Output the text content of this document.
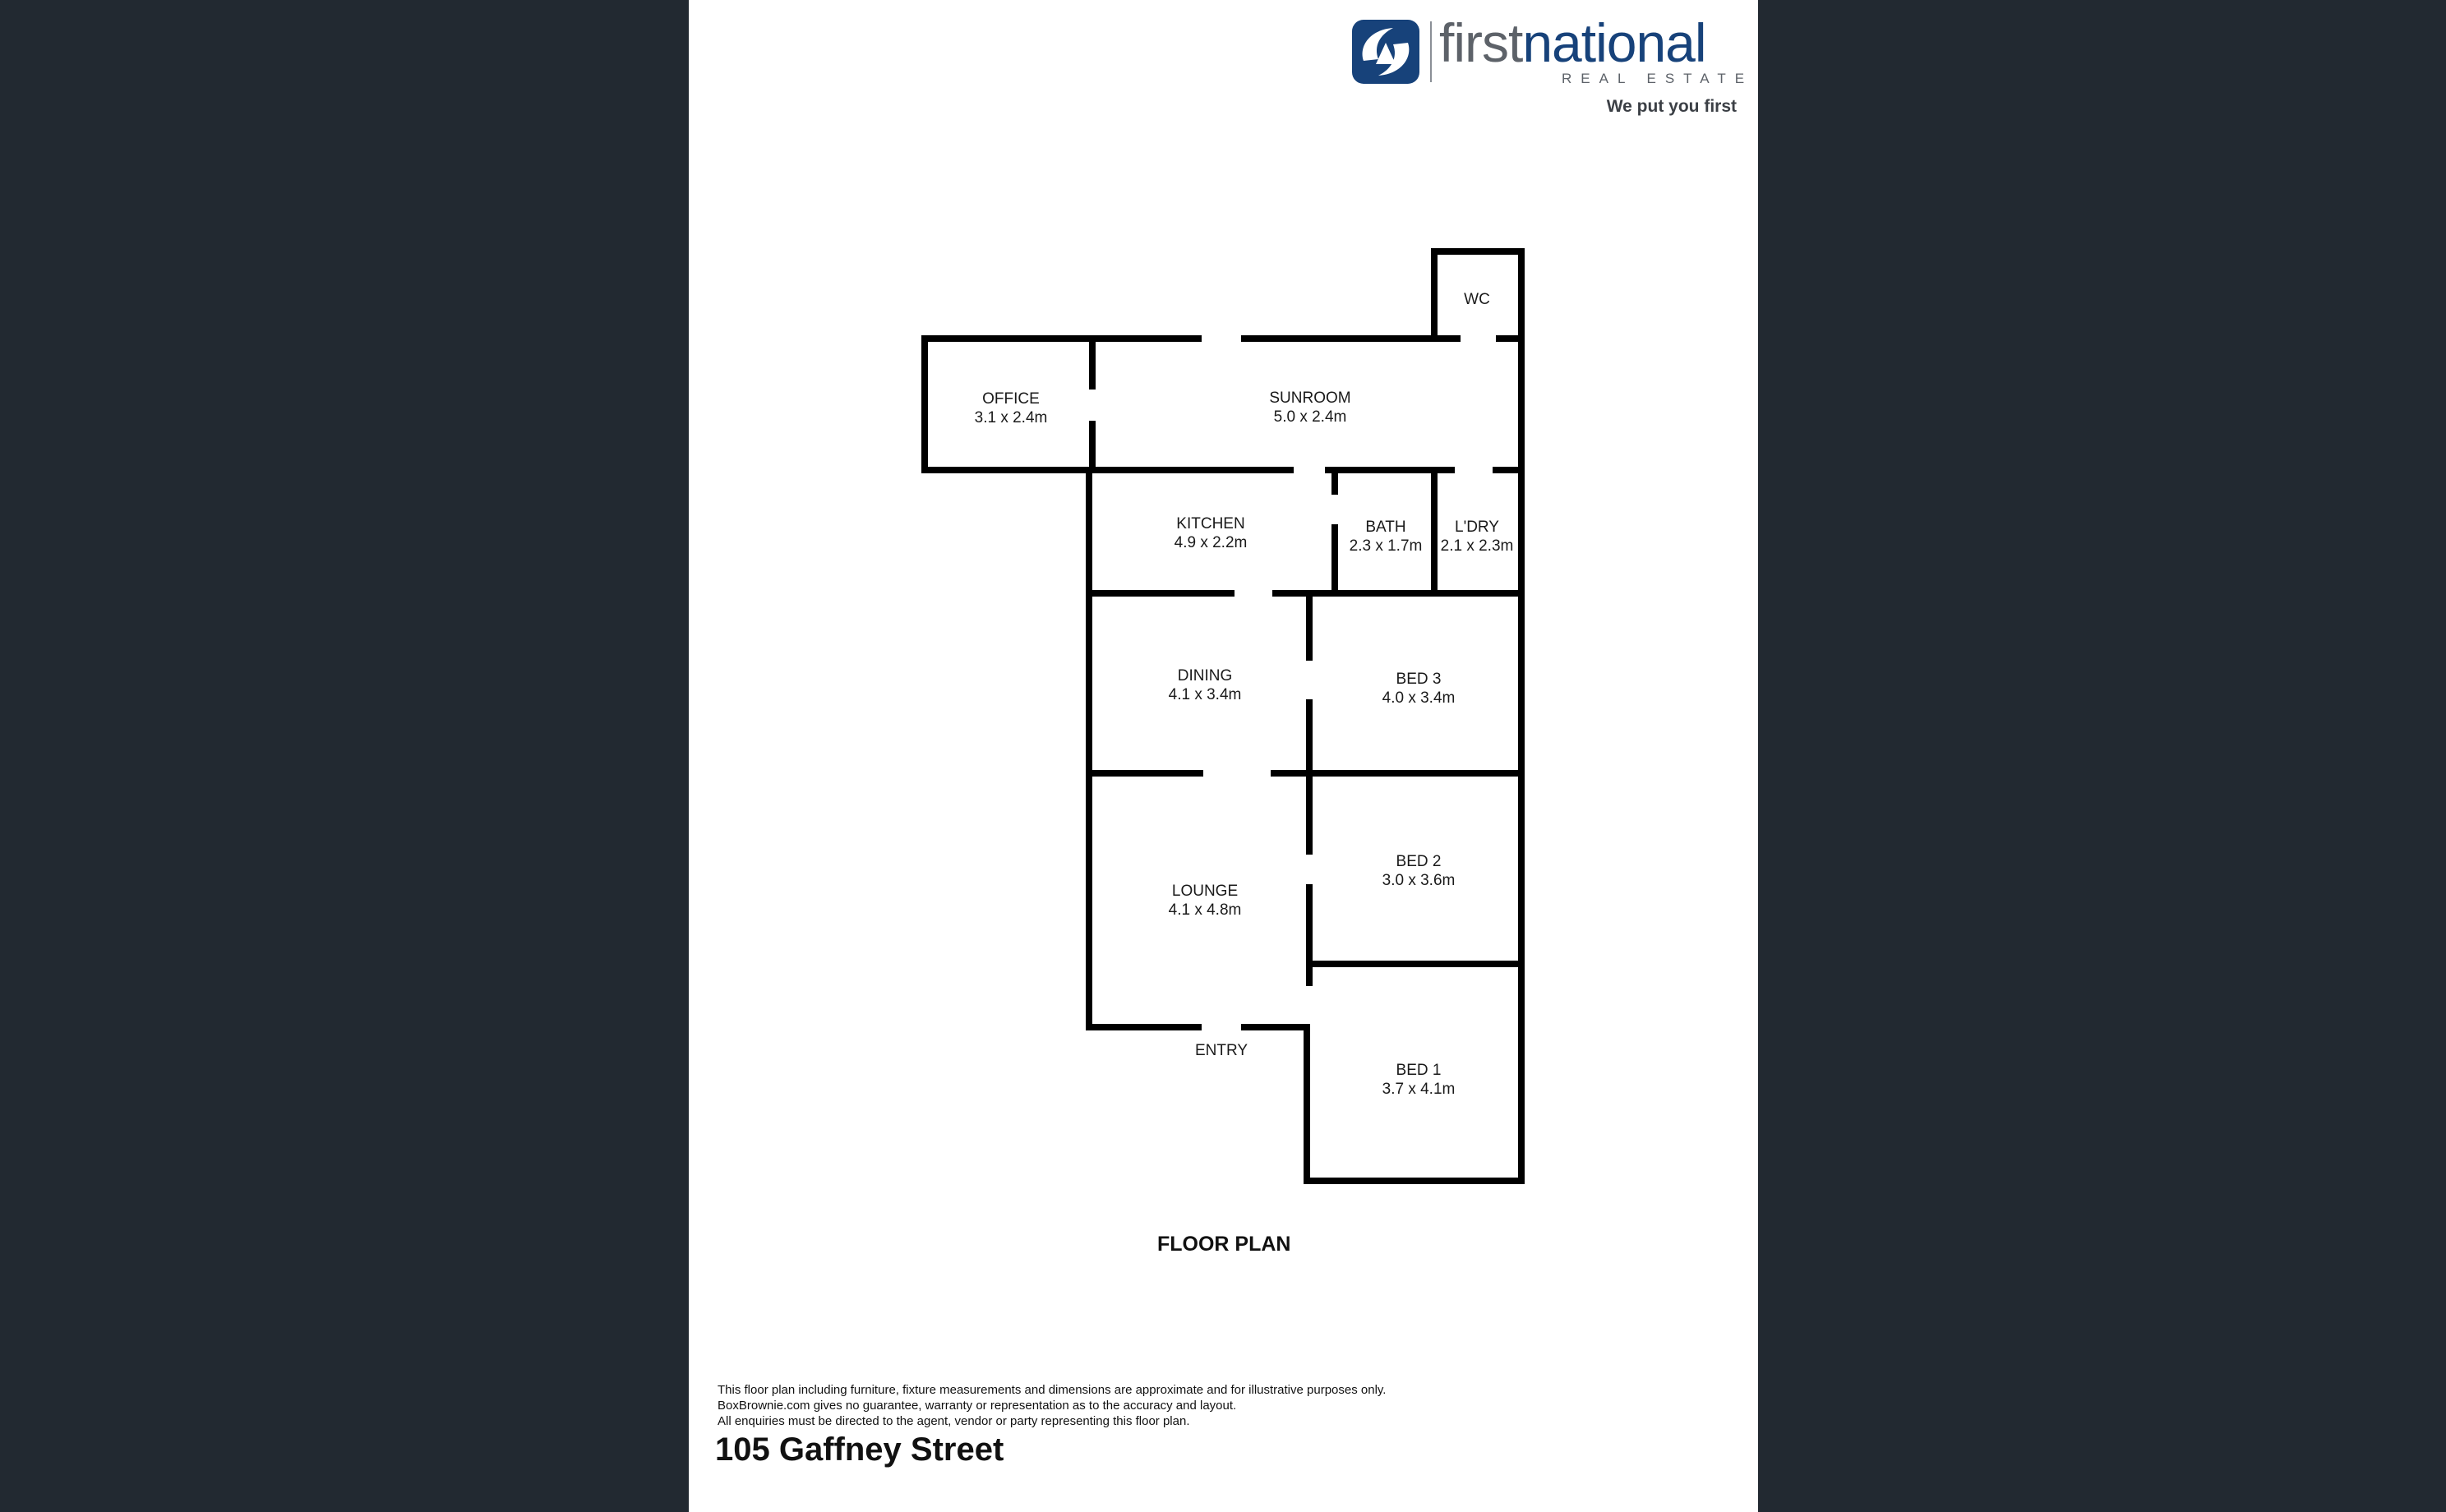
firstnational
REAL ESTATE
We put you first
WC
OFFICE
3.1 x 2.4m
SUNROOM
5.0 x 2.4m
KITCHEN
4.9 x 2.2m
BATH
2.3 x 1.7m
L'DRY
2.1 x 2.3m
DINING
4.1 x 3.4m
BED 3
4.0 x 3.4m
BED 2
3.0 x 3.6m
LOUNGE
4.1 x 4.8m
ENTRY
BED 1
3.7 x 4.1m
FLOOR PLAN
This floor plan including furniture, fixture measurements and dimensions are approximate and for illustrative purposes only.
BoxBrownie.com gives no guarantee, warranty or representation as to the accuracy and layout.
All enquiries must be directed to the agent, vendor or party representing this floor plan.
105 Gaffney Street
